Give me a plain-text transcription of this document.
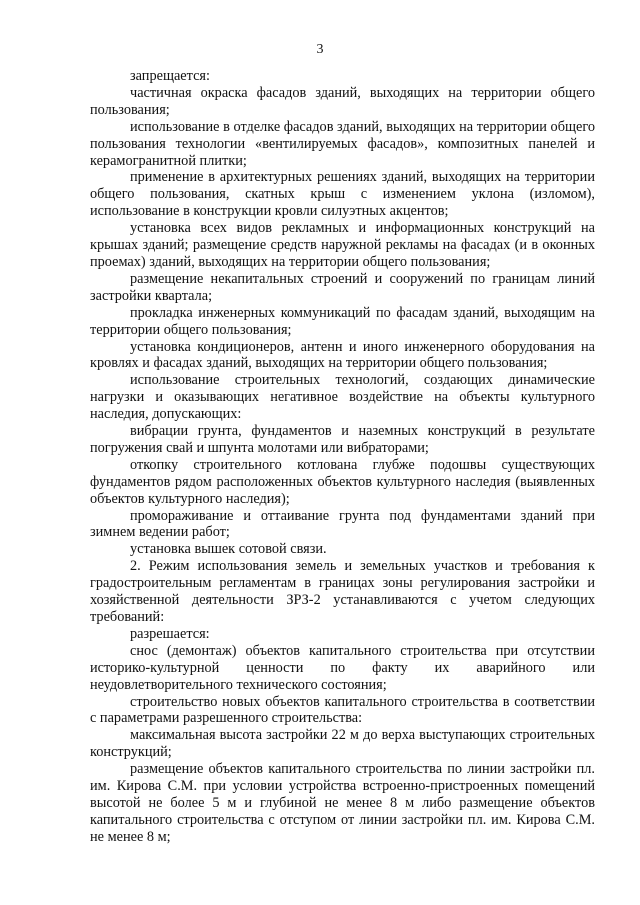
3

запрещается:

частичная окраска фасадов зданий, выходящих на территории общего пользования;

использование в отделке фасадов зданий, выходящих на территории общего пользования технологии «вентилируемых фасадов», композитных панелей и керамогранитной плитки;

применение в архитектурных решениях зданий, выходящих на территории общего пользования, скатных крыш с изменением уклона (изломом), использование в конструкции кровли силуэтных акцентов;

установка всех видов рекламных и информационных конструкций на крышах зданий; размещение средств наружной рекламы на фасадах (и в оконных проемах) зданий, выходящих на территории общего пользования;

размещение некапитальных строений и сооружений по границам линий застройки квартала;

прокладка инженерных коммуникаций по фасадам зданий, выходящим на территории общего пользования;

установка кондиционеров, антенн и иного инженерного оборудования на кровлях и фасадах зданий, выходящих на территории общего пользования;

использование строительных технологий, создающих динамические нагрузки и оказывающих негативное воздействие на объекты культурного наследия, допускающих:

вибрации грунта, фундаментов и наземных конструкций в результате погружения свай и шпунта молотами или вибраторами;

откопку строительного котлована глубже подошвы существующих фундаментов рядом расположенных объектов культурного наследия (выявленных объектов культурного наследия);

промораживание и оттаивание грунта под фундаментами зданий при зимнем ведении работ;

установка вышек сотовой связи.

2. Режим использования земель и земельных участков и требования к градостроительным регламентам в границах зоны регулирования застройки и хозяйственной деятельности ЗРЗ-2 устанавливаются с учетом следующих требований:

разрешается:

снос (демонтаж) объектов капитального строительства при отсутствии историко-культурной ценности по факту их аварийного или неудовлетворительного технического состояния;

строительство новых объектов капитального строительства в соответствии с параметрами разрешенного строительства:

максимальная высота застройки 22 м до верха выступающих строительных конструкций;

размещение объектов капитального строительства по линии застройки пл. им. Кирова С.М. при условии устройства встроенно-пристроенных помещений высотой не более 5 м и глубиной не менее 8 м либо размещение объектов капитального строительства с отступом от линии застройки пл. им. Кирова С.М. не менее 8 м;
